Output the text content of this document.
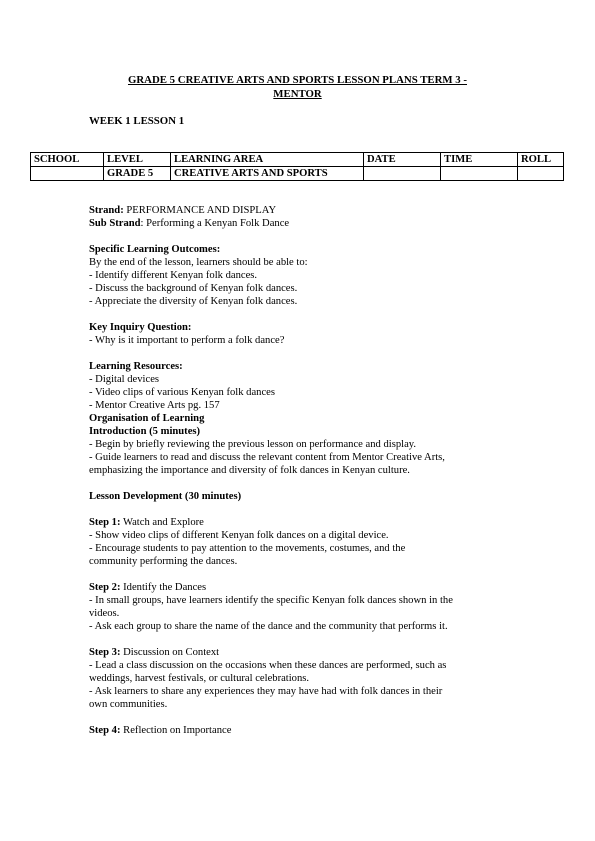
GRADE 5 CREATIVE ARTS AND SPORTS LESSON PLANS TERM 3 -
MENTOR
WEEK 1 LESSON 1
SCHOOL	LEVEL	LEARNING AREA	DATE	TIME	ROLL
	GRADE 5	CREATIVE ARTS AND SPORTS			

Strand: PERFORMANCE AND DISPLAY

Sub Strand: Performing a Kenyan Folk Dance

Specific Learning Outcomes:

By the end of the lesson, learners should be able to:

- Identify different Kenyan folk dances.

- Discuss the background of Kenyan folk dances.

- Appreciate the diversity of Kenyan folk dances.

Key Inquiry Question:

- Why is it important to perform a folk dance?

Learning Resources:

- Digital devices

- Video clips of various Kenyan folk dances

- Mentor Creative Arts pg. 157

Organisation of Learning

Introduction (5 minutes)

- Begin by briefly reviewing the previous lesson on performance and display.

- Guide learners to read and discuss the relevant content from Mentor Creative Arts,

emphasizing the importance and diversity of folk dances in Kenyan culture.

Lesson Development (30 minutes)

Step 1: Watch and Explore

- Show video clips of different Kenyan folk dances on a digital device.

- Encourage students to pay attention to the movements, costumes, and the

community performing the dances.

Step 2: Identify the Dances

- In small groups, have learners identify the specific Kenyan folk dances shown in the

videos.

- Ask each group to share the name of the dance and the community that performs it.

Step 3: Discussion on Context

- Lead a class discussion on the occasions when these dances are performed, such as

weddings, harvest festivals, or cultural celebrations.

- Ask learners to share any experiences they may have had with folk dances in their

own communities.

Step 4: Reflection on Importance
